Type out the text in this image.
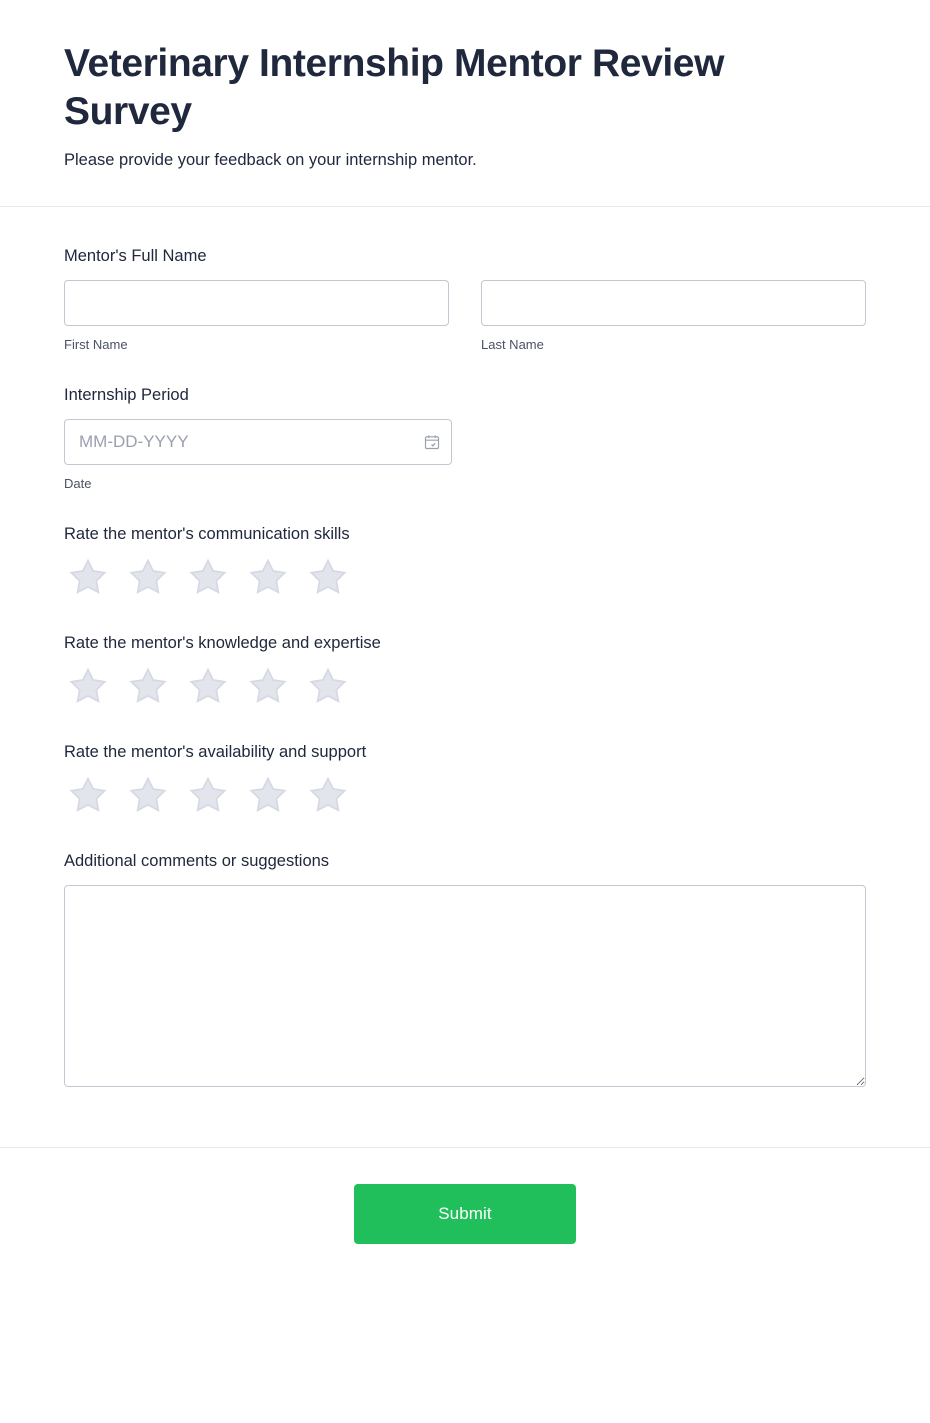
Veterinary Internship Mentor Review Survey

Please provide your feedback on your internship mentor.

Mentor's Full Name
First Name	Last Name
Internship Period
MM-DD-YYYY
Date
Rate the mentor's communication skills
Rate the mentor's knowledge and expertise
Rate the mentor's availability and support
Additional comments or suggestions
Submit
